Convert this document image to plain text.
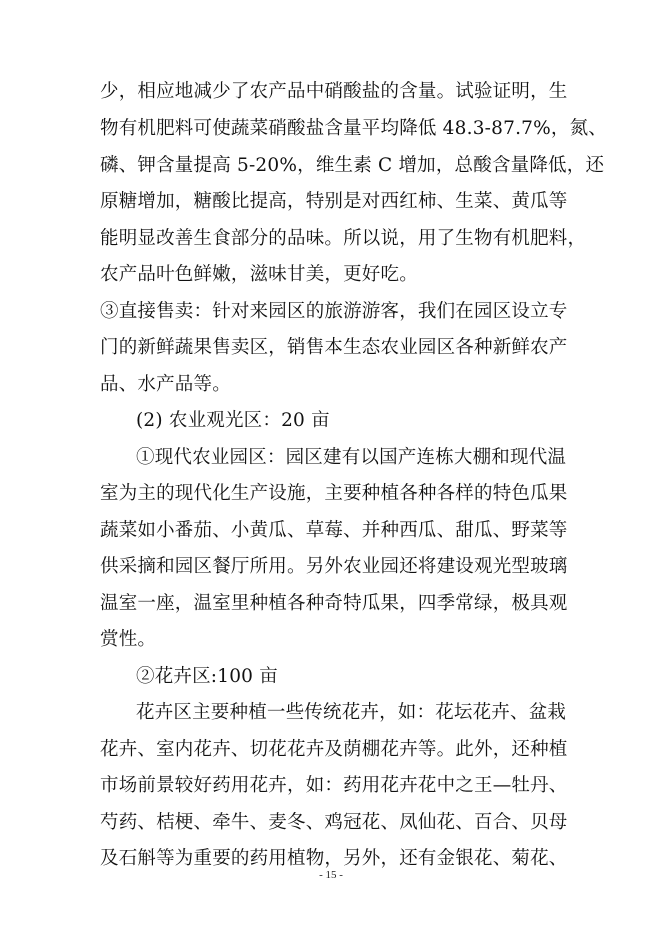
少，相应地减少了农产品中硝酸盐的含量。试验证明，生
物有机肥料可使蔬菜硝酸盐含量平均降低 48.3-87.7%，氮、
磷、钾含量提高 5-20%，维生素 C 增加，总酸含量降低，还
原糖增加，糖酸比提高，特别是对西红柿、生菜、黄瓜等
能明显改善生食部分的品味。所以说，用了生物有机肥料，
农产品叶色鲜嫩，滋味甘美，更好吃。
③直接售卖：针对来园区的旅游游客，我们在园区设立专
门的新鲜蔬果售卖区，销售本生态农业园区各种新鲜农产
品、水产品等。
(2) 农业观光区：20 亩
①现代农业园区：园区建有以国产连栋大棚和现代温
室为主的现代化生产设施，主要种植各种各样的特色瓜果
蔬菜如小番茄、小黄瓜、草莓、并种西瓜、甜瓜、野菜等
供采摘和园区餐厅所用。另外农业园还将建设观光型玻璃
温室一座，温室里种植各种奇特瓜果，四季常绿，极具观
赏性。
②花卉区:100 亩
花卉区主要种植一些传统花卉，如：花坛花卉、盆栽
花卉、室内花卉、切花花卉及荫棚花卉等。此外，还种植
市场前景较好药用花卉，如：药用花卉花中之王—牡丹、
芍药、桔梗、牵牛、麦冬、鸡冠花、凤仙花、百合、贝母
及石斛等为重要的药用植物，另外，还有金银花、菊花、
- 15 -
